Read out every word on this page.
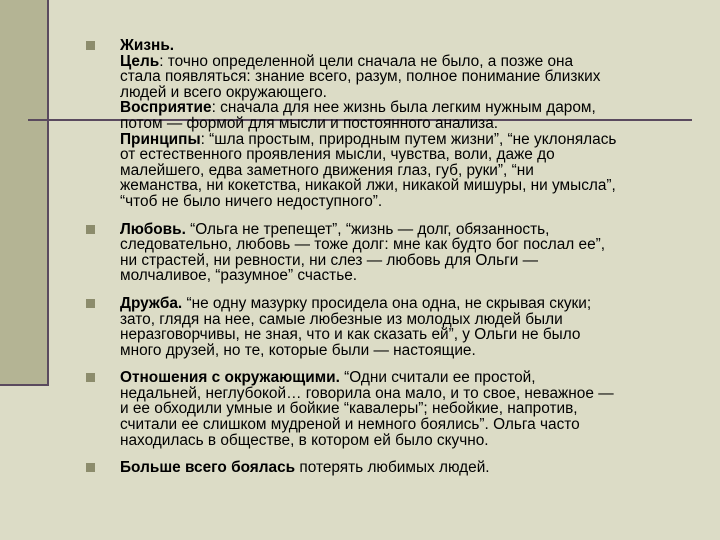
Жизнь.
Цель: точно определенной цели сначала не было, а позже она
стала появляться: знание всего, разум, полное понимание близких
людей и всего окружающего.
Восприятие: сначала для нее жизнь была легким нужным даром,
потом — формой для мысли и постоянного анализа.
Принципы: “шла простым, природным путем жизни”, “не уклонялась
от естественного проявления мысли, чувства, воли, даже до
малейшего, едва заметного движения глаз, губ, руки”, “ни
жеманства, ни кокетства, никакой лжи, никакой мишуры, ни умысла”,
“чтоб не было ничего недоступного”.
Любовь. “Ольга не трепещет”, “жизнь — долг, обязанность,
следовательно, любовь — тоже долг: мне как будто бог послал ее”,
ни страстей, ни ревности, ни слез — любовь для Ольги —
молчаливое, “разумное” счастье.
Дружба. “не одну мазурку просидела она одна, не скрывая скуки;
зато, глядя на нее, самые любезные из молодых людей были
неразговорчивы, не зная, что и как сказать ей”, у Ольги не было
много друзей, но те, которые были — настоящие.
Отношения с окружающими. “Одни считали ее простой,
недальней, неглубокой… говорила она мало, и то свое, неважное —
и ее обходили умные и бойкие “кавалеры”; небойкие, напротив,
считали ее слишком мудреной и немного боялись”. Ольга часто
находилась в обществе, в котором ей было скучно.
Больше всего боялась потерять любимых людей.
